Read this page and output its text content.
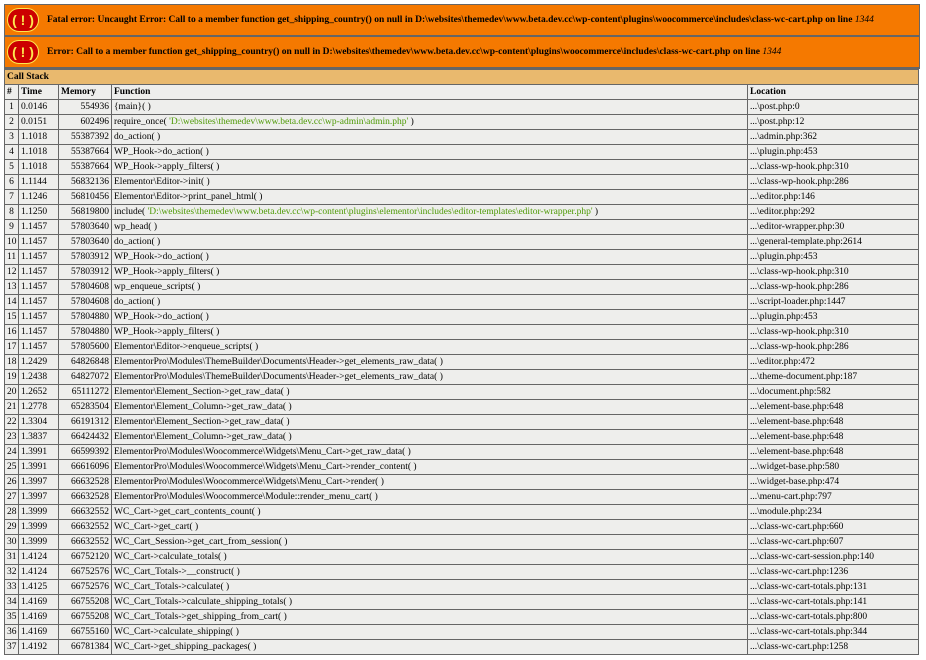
( ! )	Fatal error: Uncaught Error: Call to a member function get_shipping_country() on null in D:\websites\themedev\www.beta.dev.cc\wp-content\plugins\woocommerce\includes\class-wc-cart.php on line 1344
( ! )	Error: Call to a member function get_shipping_country() on null in D:\websites\themedev\www.beta.dev.cc\wp-content\plugins\woocommerce\includes\class-wc-cart.php on line 1344
Call Stack				
#	Time	Memory	Function	Location
1	0.0146	554936	{main}( )	...\post.php:0
2	0.0151	602496	require_once( 'D:\websites\themedev\www.beta.dev.cc\wp-admin\admin.php' )	...\post.php:12
3	1.1018	55387392	do_action( )	...\admin.php:362
4	1.1018	55387664	WP_Hook->do_action( )	...\plugin.php:453
5	1.1018	55387664	WP_Hook->apply_filters( )	...\class-wp-hook.php:310
6	1.1144	56832136	Elementor\Editor->init( )	...\class-wp-hook.php:286
7	1.1246	56810456	Elementor\Editor->print_panel_html( )	...\editor.php:146
8	1.1250	56819800	include( 'D:\websites\themedev\www.beta.dev.cc\wp-content\plugins\elementor\includes\editor-templates\editor-wrapper.php' )	...\editor.php:292
9	1.1457	57803640	wp_head( )	...\editor-wrapper.php:30
10	1.1457	57803640	do_action( )	...\general-template.php:2614
11	1.1457	57803912	WP_Hook->do_action( )	...\plugin.php:453
12	1.1457	57803912	WP_Hook->apply_filters( )	...\class-wp-hook.php:310
13	1.1457	57804608	wp_enqueue_scripts( )	...\class-wp-hook.php:286
14	1.1457	57804608	do_action( )	...\script-loader.php:1447
15	1.1457	57804880	WP_Hook->do_action( )	...\plugin.php:453
16	1.1457	57804880	WP_Hook->apply_filters( )	...\class-wp-hook.php:310
17	1.1457	57805600	Elementor\Editor->enqueue_scripts( )	...\class-wp-hook.php:286
18	1.2429	64826848	ElementorPro\Modules\ThemeBuilder\Documents\Header->get_elements_raw_data( )	...\editor.php:472
19	1.2438	64827072	ElementorPro\Modules\ThemeBuilder\Documents\Header->get_elements_raw_data( )	...\theme-document.php:187
20	1.2652	65111272	Elementor\Element_Section->get_raw_data( )	...\document.php:582
21	1.2778	65283504	Elementor\Element_Column->get_raw_data( )	...\element-base.php:648
22	1.3304	66191312	Elementor\Element_Section->get_raw_data( )	...\element-base.php:648
23	1.3837	66424432	Elementor\Element_Column->get_raw_data( )	...\element-base.php:648
24	1.3991	66599392	ElementorPro\Modules\Woocommerce\Widgets\Menu_Cart->get_raw_data( )	...\element-base.php:648
25	1.3991	66616096	ElementorPro\Modules\Woocommerce\Widgets\Menu_Cart->render_content( )	...\widget-base.php:580
26	1.3997	66632528	ElementorPro\Modules\Woocommerce\Widgets\Menu_Cart->render( )	...\widget-base.php:474
27	1.3997	66632528	ElementorPro\Modules\Woocommerce\Module::render_menu_cart( )	...\menu-cart.php:797
28	1.3999	66632552	WC_Cart->get_cart_contents_count( )	...\module.php:234
29	1.3999	66632552	WC_Cart->get_cart( )	...\class-wc-cart.php:660
30	1.3999	66632552	WC_Cart_Session->get_cart_from_session( )	...\class-wc-cart.php:607
31	1.4124	66752120	WC_Cart->calculate_totals( )	...\class-wc-cart-session.php:140
32	1.4124	66752576	WC_Cart_Totals->__construct( )	...\class-wc-cart.php:1236
33	1.4125	66752576	WC_Cart_Totals->calculate( )	...\class-wc-cart-totals.php:131
34	1.4169	66755208	WC_Cart_Totals->calculate_shipping_totals( )	...\class-wc-cart-totals.php:141
35	1.4169	66755208	WC_Cart_Totals->get_shipping_from_cart( )	...\class-wc-cart-totals.php:800
36	1.4169	66755160	WC_Cart->calculate_shipping( )	...\class-wc-cart-totals.php:344
37	1.4192	66781384	WC_Cart->get_shipping_packages( )	...\class-wc-cart.php:1258
